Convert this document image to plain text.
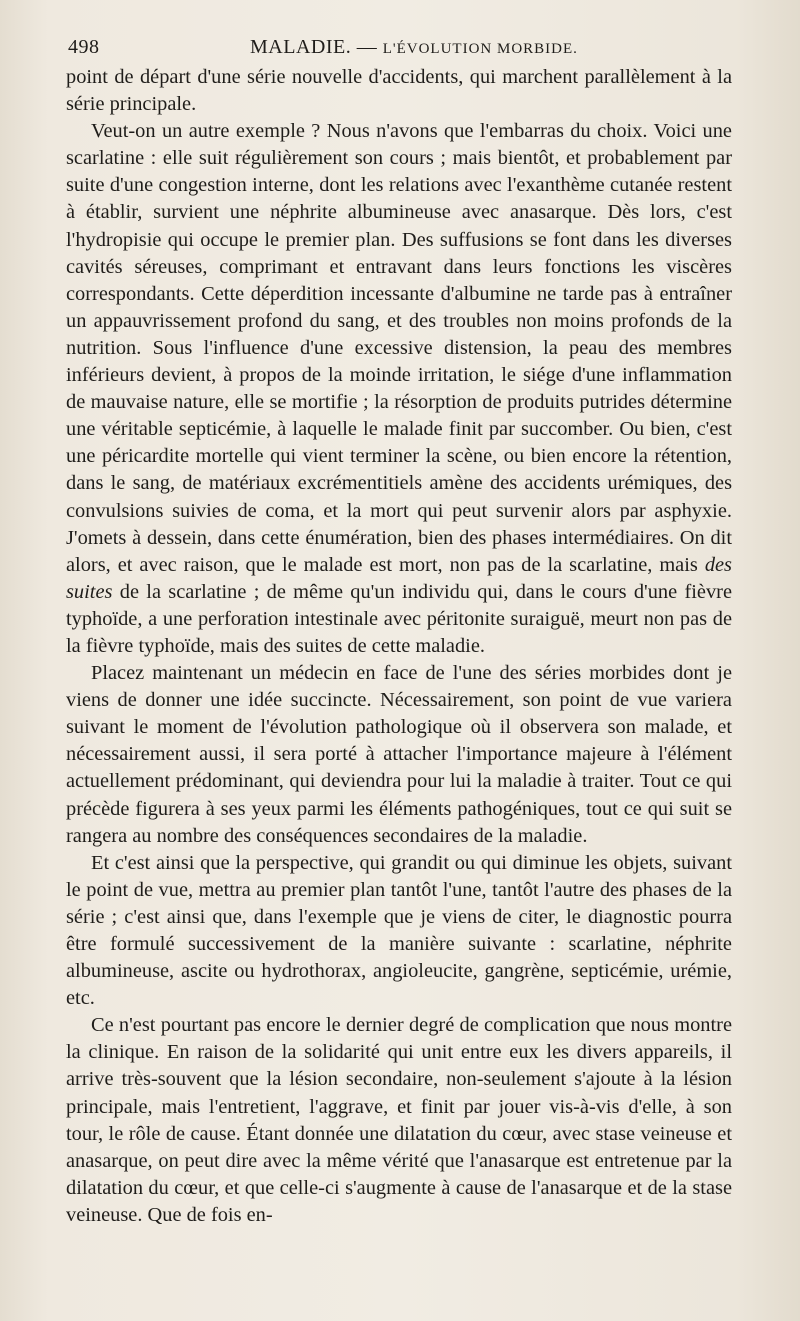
498	MALADIE. — L'ÉVOLUTION MORBIDE.

point de départ d'une série nouvelle d'accidents, qui marchent parallèlement à la série principale.

Veut-on un autre exemple ? Nous n'avons que l'embarras du choix. Voici une scarlatine : elle suit régulièrement son cours ; mais bientôt, et probablement par suite d'une congestion interne, dont les relations avec l'exanthème cutanée restent à établir, survient une néphrite albumineuse avec anasarque. Dès lors, c'est l'hydropisie qui occupe le premier plan. Des suffusions se font dans les diverses cavités séreuses, comprimant et entravant dans leurs fonctions les viscères correspondants. Cette déperdition incessante d'albumine ne tarde pas à entraîner un appauvrissement profond du sang, et des troubles non moins profonds de la nutrition. Sous l'influence d'une excessive distension, la peau des membres inférieurs devient, à propos de la moinde irritation, le siége d'une inflammation de mauvaise nature, elle se mortifie ; la résorption de produits putrides détermine une véritable septicémie, à laquelle le malade finit par succomber. Ou bien, c'est une péricardite mortelle qui vient terminer la scène, ou bien encore la rétention, dans le sang, de matériaux excrémentitiels amène des accidents urémiques, des convulsions suivies de coma, et la mort qui peut survenir alors par asphyxie. J'omets à dessein, dans cette énumération, bien des phases intermédiaires. On dit alors, et avec raison, que le malade est mort, non pas de la scarlatine, mais des suites de la scarlatine ; de même qu'un individu qui, dans le cours d'une fièvre typhoïde, a une perforation intestinale avec péritonite suraiguë, meurt non pas de la fièvre typhoïde, mais des suites de cette maladie.

Placez maintenant un médecin en face de l'une des séries morbides dont je viens de donner une idée succincte. Nécessairement, son point de vue variera suivant le moment de l'évolution pathologique où il observera son malade, et nécessairement aussi, il sera porté à attacher l'importance majeure à l'élément actuellement prédominant, qui deviendra pour lui la maladie à traiter. Tout ce qui précède figurera à ses yeux parmi les éléments pathogéniques, tout ce qui suit se rangera au nombre des conséquences secondaires de la maladie.

Et c'est ainsi que la perspective, qui grandit ou qui diminue les objets, suivant le point de vue, mettra au premier plan tantôt l'une, tantôt l'autre des phases de la série ; c'est ainsi que, dans l'exemple que je viens de citer, le diagnostic pourra être formulé successivement de la manière suivante : scarlatine, néphrite albumineuse, ascite ou hydrothorax, angioleucite, gangrène, septicémie, urémie, etc.

Ce n'est pourtant pas encore le dernier degré de complication que nous montre la clinique. En raison de la solidarité qui unit entre eux les divers appareils, il arrive très-souvent que la lésion secondaire, non-seulement s'ajoute à la lésion principale, mais l'entretient, l'aggrave, et finit par jouer vis-à-vis d'elle, à son tour, le rôle de cause. Étant donnée une dilatation du cœur, avec stase veineuse et anasarque, on peut dire avec la même vérité que l'anasarque est entretenue par la dilatation du cœur, et que celle-ci s'augmente à cause de l'anasarque et de la stase veineuse. Que de fois en-
